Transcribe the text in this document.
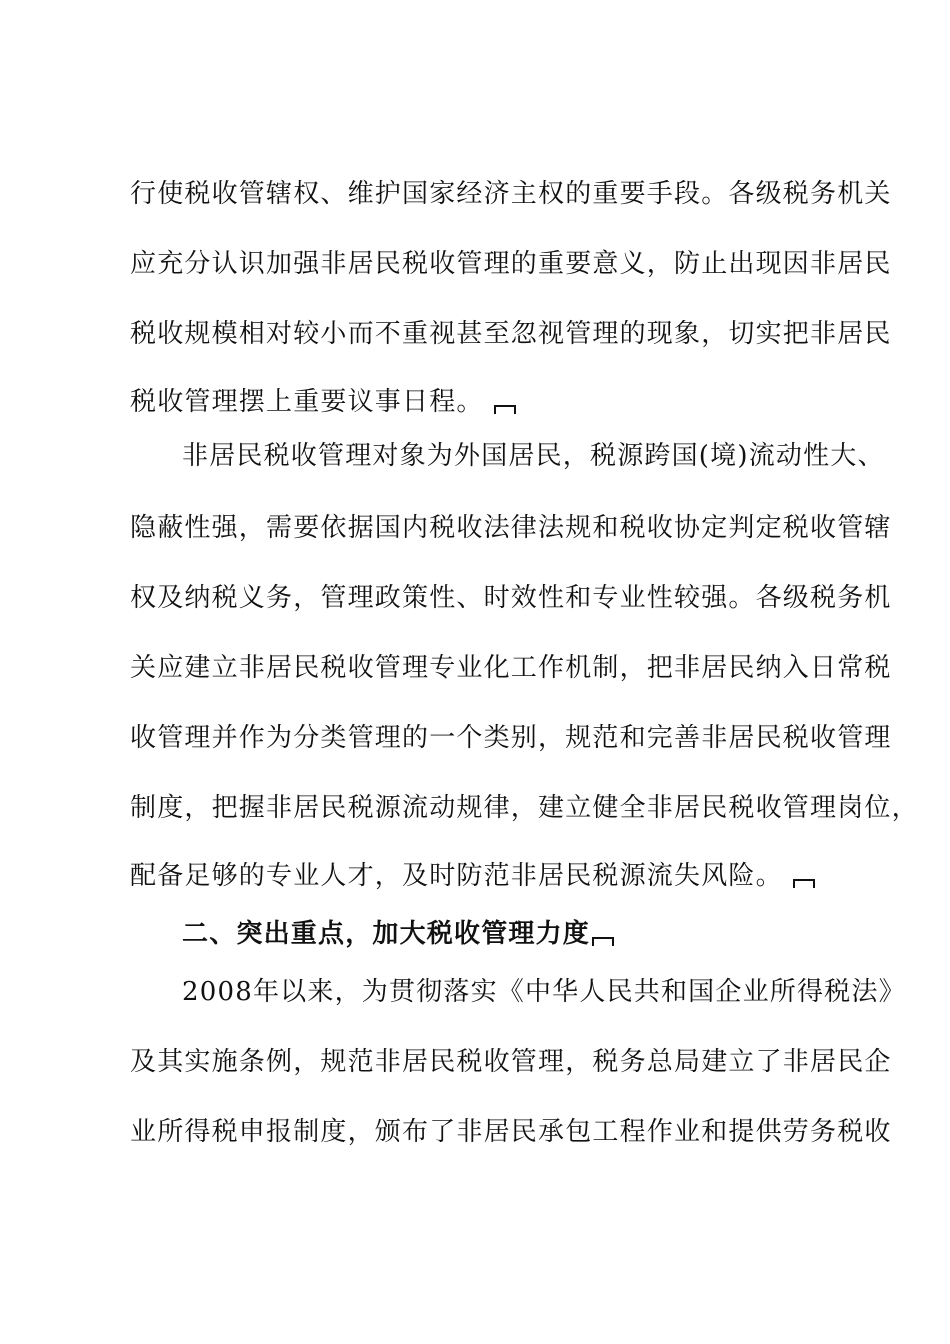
行使税收管辖权、维护国家经济主权的重要手段。各级税务机关
应充分认识加强非居民税收管理的重要意义，防止出现因非居民
税收规模相对较小而不重视甚至忽视管理的现象，切实把非居民
税收管理摆上重要议事日程。
非居民税收管理对象为外国居民，税源跨国(境)流动性大、
隐蔽性强，需要依据国内税收法律法规和税收协定判定税收管辖
权及纳税义务，管理政策性、时效性和专业性较强。各级税务机
关应建立非居民税收管理专业化工作机制，把非居民纳入日常税
收管理并作为分类管理的一个类别，规范和完善非居民税收管理
制度，把握非居民税源流动规律，建立健全非居民税收管理岗位，
配备足够的专业人才，及时防范非居民税源流失风险。
二、突出重点，加大税收管理力度
2008年以来，为贯彻落实《中华人民共和国企业所得税法》
及其实施条例，规范非居民税收管理，税务总局建立了非居民企
业所得税申报制度，颁布了非居民承包工程作业和提供劳务税收
